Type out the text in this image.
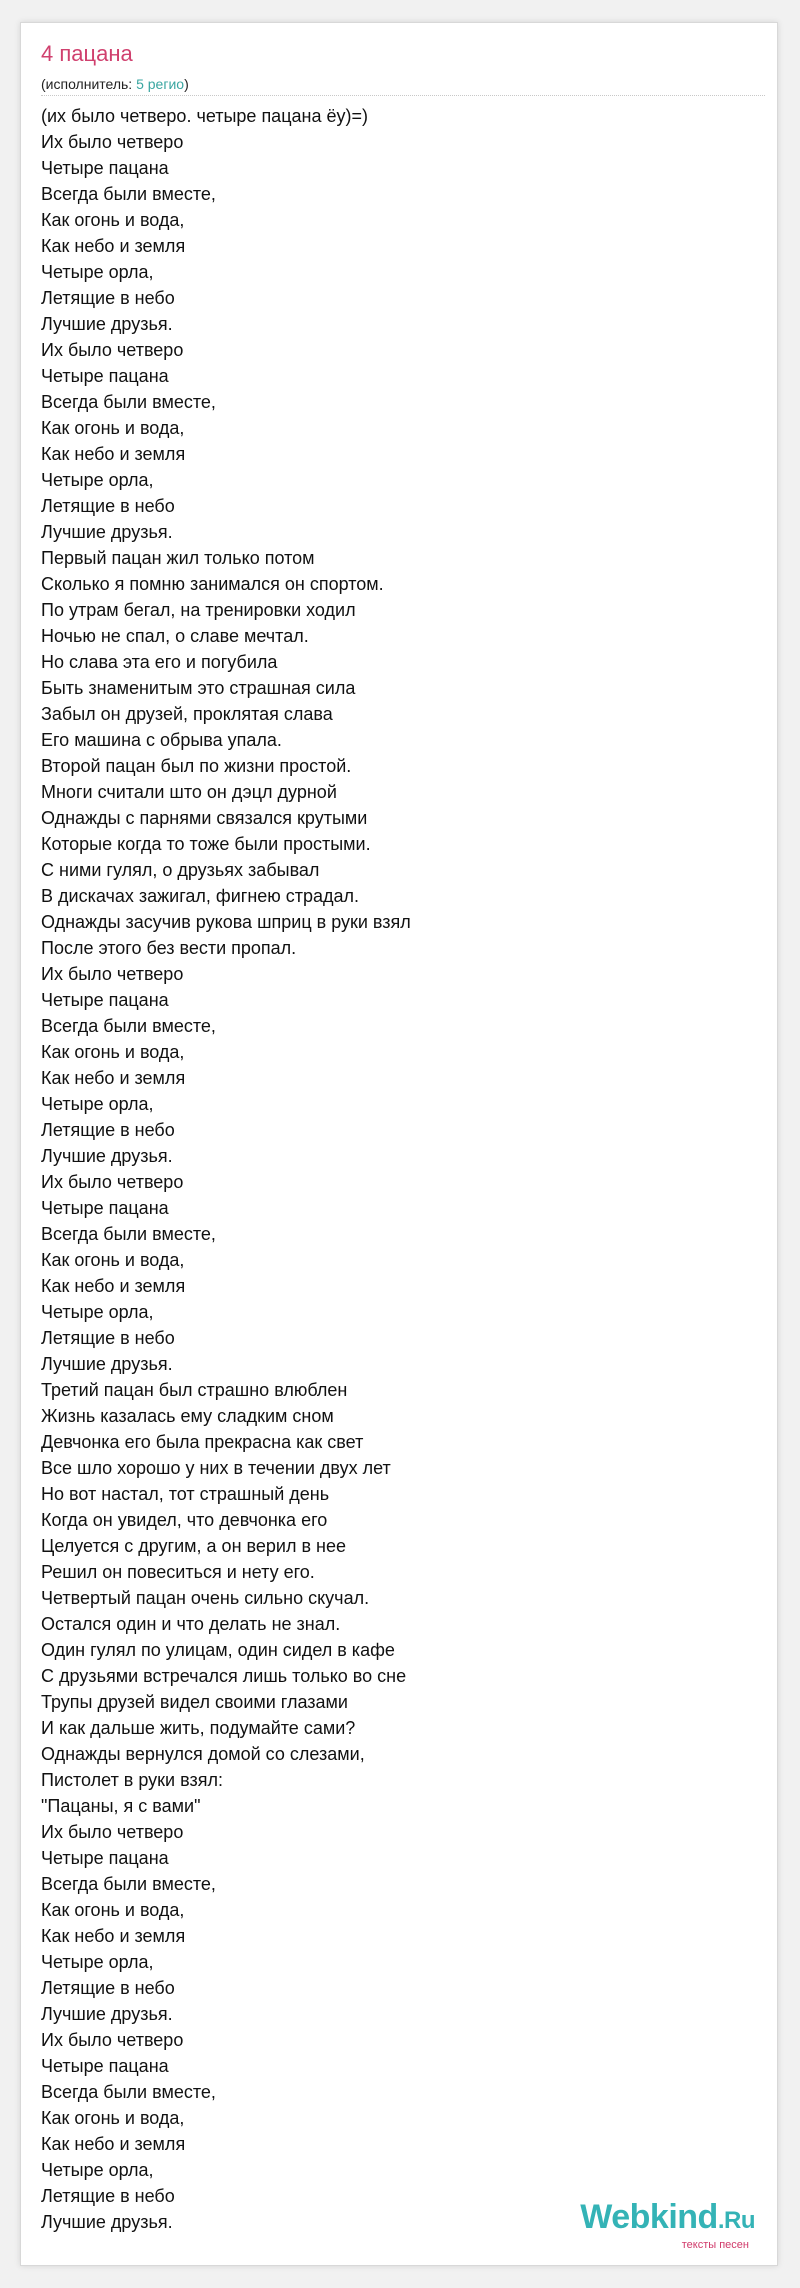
4 пацана
(исполнитель: 5 регио)
(их было четверо. четыре пацана ёу)=)
Их было четверо
Четыре пацана
Всегда были вместе,
Как огонь и вода,
Как небо и земля
Четыре орла,
Летящие в небо
Лучшие друзья.
Их было четверо
Четыре пацана
Всегда были вместе,
Как огонь и вода,
Как небо и земля
Четыре орла,
Летящие в небо
Лучшие друзья.
Первый пацан жил только потом
Сколько я помню занимался он спортом.
По утрам бегал, на тренировки ходил
Ночью не спал, о славе мечтал.
Но слава эта его и погубила
Быть знаменитым это страшная сила
Забыл он друзей, проклятая слава
Его машина с обрыва упала.
Второй пацан был по жизни простой.
Многи считали што он дэцл дурной
Однажды с парнями связался крутыми
Которые когда то тоже были простыми.
С ними гулял, о друзьях забывал
В дискачах зажигал, фигнею страдал.
Однажды засучив рукова шприц в руки взял
После этого без вести пропал.
Их было четверо
Четыре пацана
Всегда были вместе,
Как огонь и вода,
Как небо и земля
Четыре орла,
Летящие в небо
Лучшие друзья.
Их было четверо
Четыре пацана
Всегда были вместе,
Как огонь и вода,
Как небо и земля
Четыре орла,
Летящие в небо
Лучшие друзья.
Третий пацан был страшно влюблен
Жизнь казалась ему сладким сном
Девчонка его была прекрасна как свет
Все шло хорошо у них в течении двух лет
Но вот настал, тот страшный день
Когда он увидел, что девчонка его
Целуется с другим, а он верил в нее
Решил он повеситься и нету его.
Четвертый пацан очень сильно скучал.
Остался один и что делать не знал.
Один гулял по улицам, один сидел в кафе
С друзьями встречался лишь только во сне
Трупы друзей видел своими глазами
И как дальше жить, подумайте сами?
Однажды вернулся домой со слезами,
Пистолет в руки взял:
"Пацаны, я с вами"
Их было четверо
Четыре пацана
Всегда были вместе,
Как огонь и вода,
Как небо и земля
Четыре орла,
Летящие в небо
Лучшие друзья.
Их было четверо
Четыре пацана
Всегда были вместе,
Как огонь и вода,
Как небо и земля
Четыре орла,
Летящие в небо
Лучшие друзья.	Webkind.Ru
тексты песен
